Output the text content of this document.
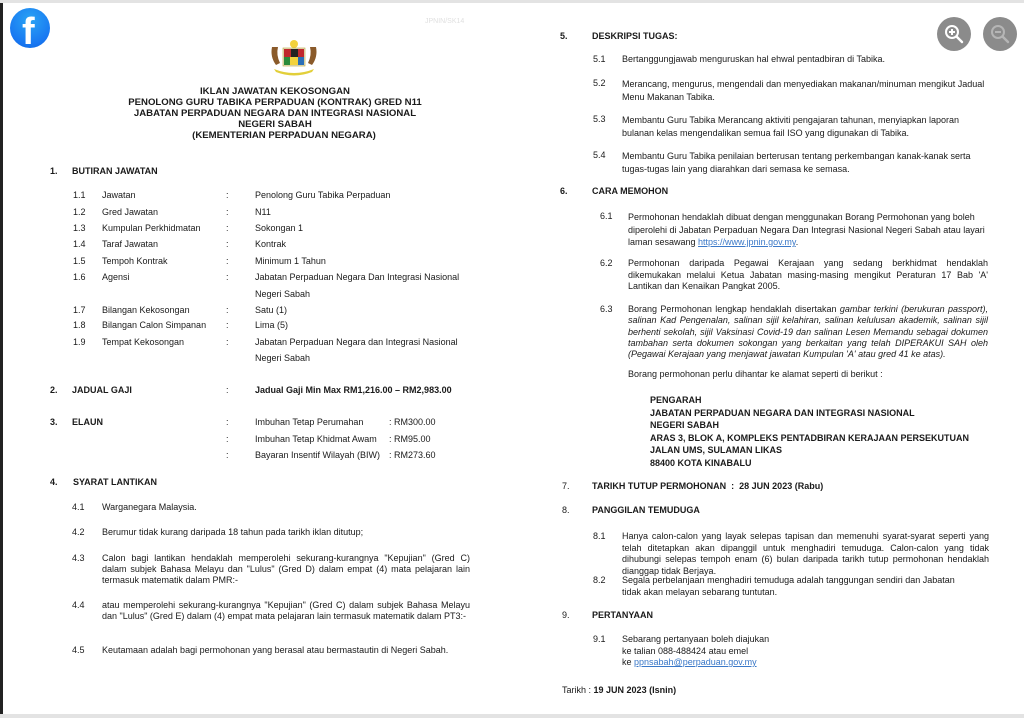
f	JPNIN/SK14
IKLAN JAWATAN KEKOSONGAN
PENOLONG GURU TABIKA PERPADUAN (KONTRAK) GRED N11
JABATAN PERPADUAN NEGARA DAN INTEGRASI NASIONAL
NEGERI SABAH
(KEMENTERIAN PERPADUAN NEGARA)
1. BUTIRAN JAWATAN
1.1 Jawatan	:	Penolong Guru Tabika Perpaduan
1.2 Gred Jawatan	:	N11
1.3 Kumpulan Perkhidmatan	:	Sokongan 1
1.4 Taraf Jawatan	:	Kontrak
1.5 Tempoh Kontrak	:	Minimum 1 Tahun
1.6 Agensi	:	Jabatan Perpaduan Negara Dan Integrasi Nasional
Negeri Sabah
1.7 Bilangan Kekosongan	:	Satu (1)
1.8 Bilangan Calon Simpanan :	Lima (5)
1.9 Tempat Kekosongan	:	Jabatan Perpaduan Negara dan Integrasi Nasional
Negeri Sabah
2. JADUAL GAJI	:	Jadual Gaji Min Max RM1,216.00 – RM2,983.00
3. ELAUN	:	Imbuhan Tetap Perumahan	: RM300.00
:	Imbuhan Tetap Khidmat Awam : RM95.00
:	Bayaran Insentif Wilayah (BIW) : RM273.60
4. SYARAT LANTIKAN
4.1 Warganegara Malaysia.
4.2 Berumur tidak kurang daripada 18 tahun pada tarikh iklan ditutup;
4.3 Calon bagi lantikan hendaklah memperolehi sekurang-kurangnya "Kepujian" (Gred C) dalam subjek Bahasa Melayu dan "Lulus" (Gred D) dalam empat (4) mata pelajaran lain termasuk matematik dalam PMR:-
4.4 atau memperolehi sekurang-kurangnya "Kepujian" (Gred C) dalam subjek Bahasa Melayu dan "Lulus" (Gred E) dalam (4) empat mata pelajaran lain termasuk matematik dalam PT3:-
4.5 Keutamaan adalah bagi permohonan yang berasal atau bermastautin di Negeri Sabah.
5.	DESKRIPSI TUGAS:
5.1 Bertanggungjawab menguruskan hal ehwal pentadbiran di Tabika.
5.2 Merancang, mengurus, mengendali dan menyediakan makanan/minuman mengikut Jadual Menu Makanan Tabika.
5.3 Membantu Guru Tabika Merancang aktiviti pengajaran tahunan, menyiapkan laporan bulanan kelas mengendalikan semua fail ISO yang digunakan di Tabika.
5.4 Membantu Guru Tabika penilaian berterusan tentang perkembangan kanak-kanak serta tugas-tugas lain yang diarahkan dari semasa ke semasa.
6.	CARA MEMOHON
6.1 Permohonan hendaklah dibuat dengan menggunakan Borang Permohonan yang boleh diperolehi di Jabatan Perpaduan Negara Dan Integrasi Nasional Negeri Sabah atau layari laman sesawang https://www.jpnin.gov.my.
6.2 Permohonan daripada Pegawai Kerajaan yang sedang berkhidmat hendaklah dikemukakan melalui Ketua Jabatan masing-masing mengikut Peraturan 17 Bab 'A' Lantikan dan Kenaikan Pangkat 2005.
6.3 Borang Permohonan lengkap hendaklah disertakan gambar terkini (berukuran passport), salinan Kad Pengenalan, salinan sijil kelahiran, salinan kelulusan akademik, salinan sijil berhenti sekolah, sijil Vaksinasi Covid-19 dan salinan Lesen Memandu sebagai dokumen tambahan serta dokumen sokongan yang berkaitan yang telah DIPERAKUI SAH oleh (Pegawai Kerajaan yang menjawat jawatan Kumpulan 'A' atau gred 41 ke atas).
Borang permohonan perlu dihantar ke alamat seperti di berikut :
PENGARAH
JABATAN PERPADUAN NEGARA DAN INTEGRASI NASIONAL
NEGERI SABAH
ARAS 3, BLOK A, KOMPLEKS PENTADBIRAN KERAJAAN PERSEKUTUAN
JALAN UMS, SULAMAN LIKAS
88400 KOTA KINABALU
7. TARIKH TUTUP PERMOHONAN  :  28 JUN 2023 (Rabu)
8. PANGGILAN TEMUDUGA
8.1 Hanya calon-calon yang layak selepas tapisan dan memenuhi syarat-syarat seperti yang telah ditetapkan akan dipanggil untuk menghadiri temuduga. Calon-calon yang tidak dihubungi selepas tempoh enam (6) bulan daripada tarikh tutup permohonan hendaklah dianggap tidak Berjaya.
8.2 Segala perbelanjaan menghadiri temuduga adalah tanggungan sendiri dan Jabatan tidak akan melayan sebarang tuntutan.
9. PERTANYAAN
9.1 Sebarang pertanyaan boleh diajukan
ke talian 088-488424 atau emel
ke ppnsabah@perpaduan.gov.my
Tarikh : 19 JUN 2023 (Isnin)
